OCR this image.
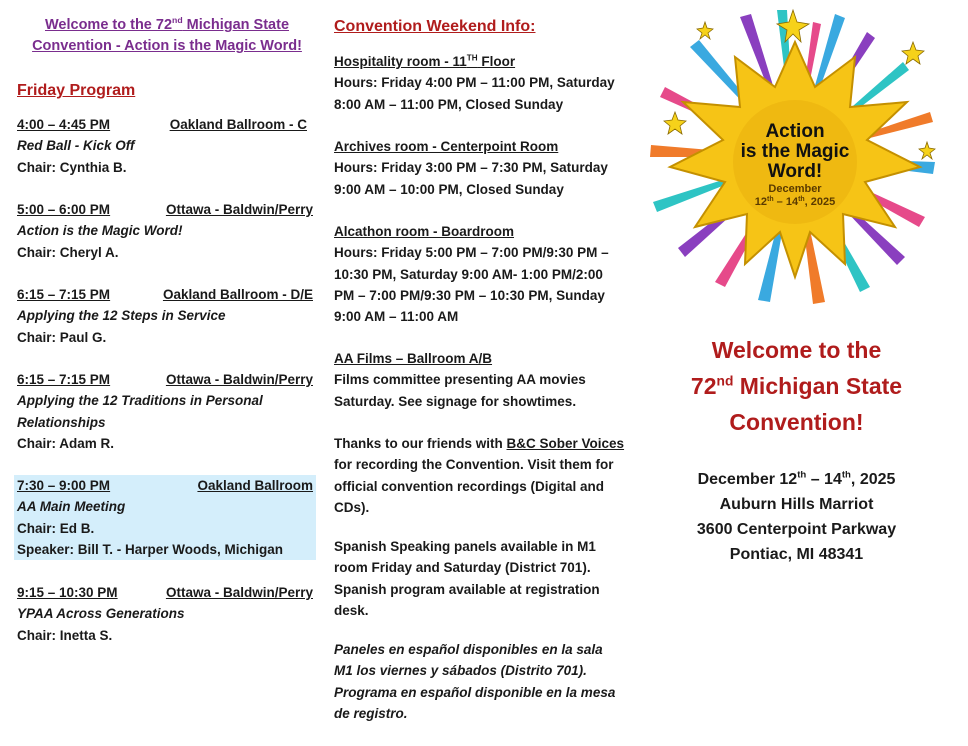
Welcome to the 72nd Michigan State
Convention - Action is the Magic Word!
Friday Program
4:00 – 4:45 PM	Oakland Ballroom - C
Red Ball - Kick Off
Chair: Cynthia B.
5:00 – 6:00 PM	Ottawa - Baldwin/Perry
Action is the Magic Word!
Chair: Cheryl A.
6:15 – 7:15 PM	Oakland Ballroom - D/E
Applying the 12 Steps in Service
Chair: Paul G.
6:15 – 7:15 PM	Ottawa - Baldwin/Perry
Applying the 12 Traditions in Personal
Relationships
Chair: Adam R.
7:30 – 9:00 PM	Oakland Ballroom
AA Main Meeting
Chair: Ed B.
Speaker: Bill T. - Harper Woods, Michigan
9:15 – 10:30 PM	Ottawa - Baldwin/Perry
YPAA Across Generations
Chair: Inetta S.
Convention Weekend Info:
Hospitality room - 11TH Floor
Hours: Friday 4:00 PM – 11:00 PM, Saturday
8:00 AM – 11:00 PM, Closed Sunday
Archives room - Centerpoint Room
Hours: Friday 3:00 PM – 7:30 PM, Saturday
9:00 AM – 10:00 PM, Closed Sunday
Alcathon room - Boardroom
Hours: Friday 5:00 PM – 7:00 PM/9:30 PM –
10:30 PM, Saturday 9:00 AM- 1:00 PM/2:00
PM – 7:00 PM/9:30 PM – 10:30 PM, Sunday
9:00 AM – 11:00 AM
AA Films – Ballroom A/B
Films committee presenting AA movies
Saturday. See signage for showtimes.
Thanks to our friends with B&C Sober Voices
for recording the Convention. Visit them for
official convention recordings (Digital and
CDs).
Spanish Speaking panels available in M1
room Friday and Saturday (District 701).
Spanish program available at registration
desk.
Paneles en español disponibles en la sala
M1 los viernes y sábados (Distrito 701).
Programa en español disponible en la mesa
de registro.
Action
is the Magic
Word!
December
12th – 14th, 2025
Welcome to the
72nd Michigan State
Convention!
December 12th – 14th, 2025
Auburn Hills Marriot
3600 Centerpoint Parkway
Pontiac, MI 48341
